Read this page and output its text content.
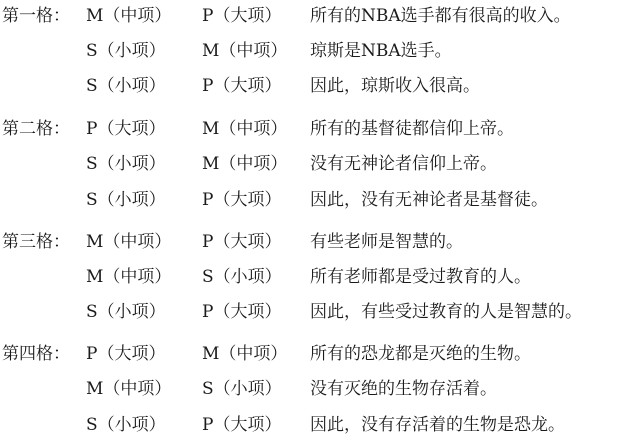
第一格： M（中项） P（大项） 所有的NBA选手都有很高的收入。
S（小项） M（中项） 琼斯是NBA选手。
S（小项） P（大项） 因此，琼斯收入很高。
第二格： P（大项） M（中项） 所有的基督徒都信仰上帝。
S（小项） M（中项） 没有无神论者信仰上帝。
S（小项） P（大项） 因此，没有无神论者是基督徒。
第三格： M（中项） P（大项） 有些老师是智慧的。
M（中项） S（小项） 所有老师都是受过教育的人。
S（小项） P（大项） 因此，有些受过教育的人是智慧的。
第四格： P（大项） M（中项） 所有的恐龙都是灭绝的生物。
M（中项） S（小项） 没有灭绝的生物存活着。
S（小项） P（大项） 因此，没有存活着的生物是恐龙。
